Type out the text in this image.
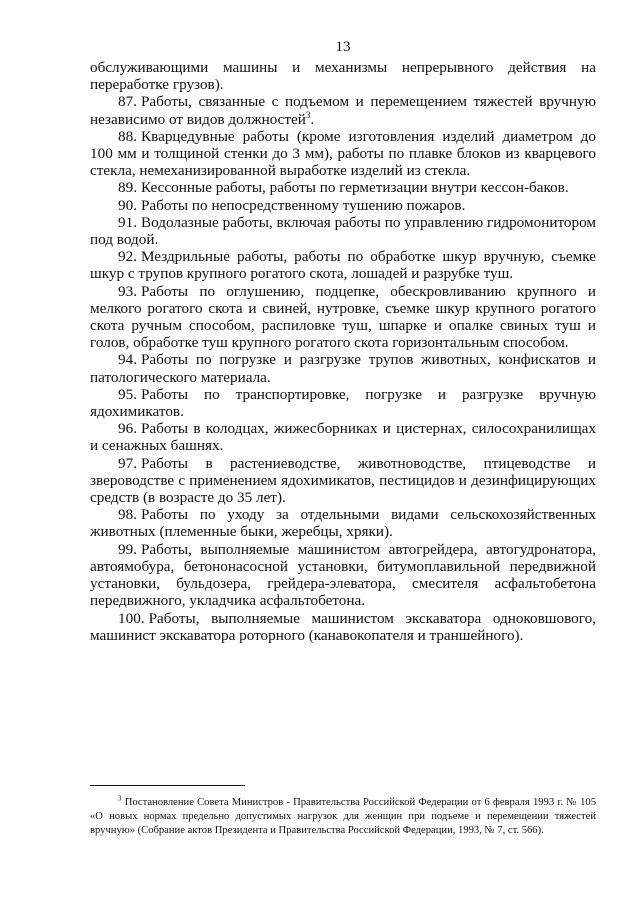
13

обслуживающими машины и механизмы непрерывного действия на переработке грузов).

87. Работы, связанные с подъемом и перемещением тяжестей вручную независимо от видов должностей$^3$.

88. Кварцедувные работы (кроме изготовления изделий диаметром до 100 мм и толщиной стенки до 3 мм), работы по плавке блоков из кварцевого стекла, немеханизированной выработке изделий из стекла.

89. Кессонные работы, работы по герметизации внутри кессон-баков.

90. Работы по непосредственному тушению пожаров.

91. Водолазные работы, включая работы по управлению гидромонитором под водой.

92. Мездрильные работы, работы по обработке шкур вручную, съемке шкур с трупов крупного рогатого скота, лошадей и разрубке туш.

93. Работы по оглушению, подцепке, обескровливанию крупного и мелкого рогатого скота и свиней, нутровке, съемке шкур крупного рогатого скота ручным способом, распиловке туш, шпарке и опалке свиных туш и голов, обработке туш крупного рогатого скота горизонтальным способом.

94. Работы по погрузке и разгрузке трупов животных, конфискатов и патологического материала.

95. Работы по транспортировке, погрузке и разгрузке вручную ядохимикатов.

96. Работы в колодцах, жижесборниках и цистернах, силосохранилищах и сенажных башнях.

97. Работы в растениеводстве, животноводстве, птицеводстве и звероводстве с применением ядохимикатов, пестицидов и дезинфицирующих средств (в возрасте до 35 лет).

98. Работы по уходу за отдельными видами сельскохозяйственных животных (племенные быки, жеребцы, хряки).

99. Работы, выполняемые машинистом автогрейдера, автогудронатора, автоямобура, бетононасосной установки, битумоплавильной передвижной установки, бульдозера, грейдера-элеватора, смесителя асфальтобетона передвижного, укладчика асфальтобетона.

100. Работы, выполняемые машинистом экскаватора одноковшового, машинист экскаватора роторного (канавокопателя и траншейного).

$^3$ Постановление Совета Министров - Правительства Российской Федерации от 6 февраля 1993 г. № 105 «О новых нормах предельно допустимых нагрузок для женщин при подъеме и перемещении тяжестей вручную» (Собрание актов Президента и Правительства Российской Федерации, 1993, № 7, ст. 566).
